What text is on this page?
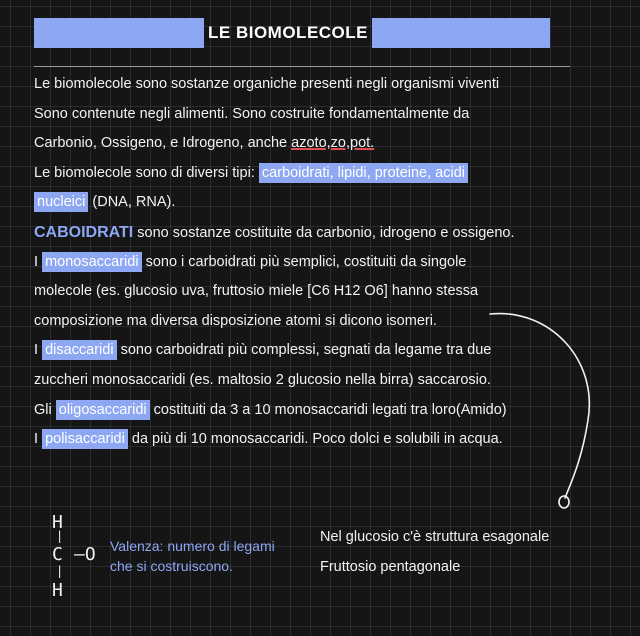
LE BIOMOLECOLE
Le biomolecole sono sostanze organiche presenti negli organismi viventi
Sono contenute negli alimenti. Sono costruite fondamentalmente da
Carbonio, Ossigeno, e Idrogeno, anche azoto,zo,pot.
Le biomolecole sono di diversi tipi: carboidrati, lipidi, proteine, acidi
nucleici (DNA, RNA).
CABOIDRATI sono sostanze costituite da carbonio, idrogeno e ossigeno.
I monosaccaridi sono i carboidrati più semplici, costituiti da singole
molecole (es. glucosio uva, fruttosio miele [C6 H12 O6] hanno stessa
composizione ma diversa disposizione atomi si dicono isomeri.
I disaccaridi sono carboidrati più complessi, segnati da legame tra due
zuccheri monosaccaridi (es. maltosio 2 glucosio nella birra) saccarosio.
Gli oligosaccaridi costituiti da 3 a 10 monosaccaridi legati tra loro(Amido)
I polisaccaridi da più di 10 monosaccaridi. Poco dolci e solubili in acqua.
H
|
C –O
|
H
Valenza: numero di legami
che si costruiscono.
Nel glucosio c'è struttura esagonale
Fruttosio pentagonale
